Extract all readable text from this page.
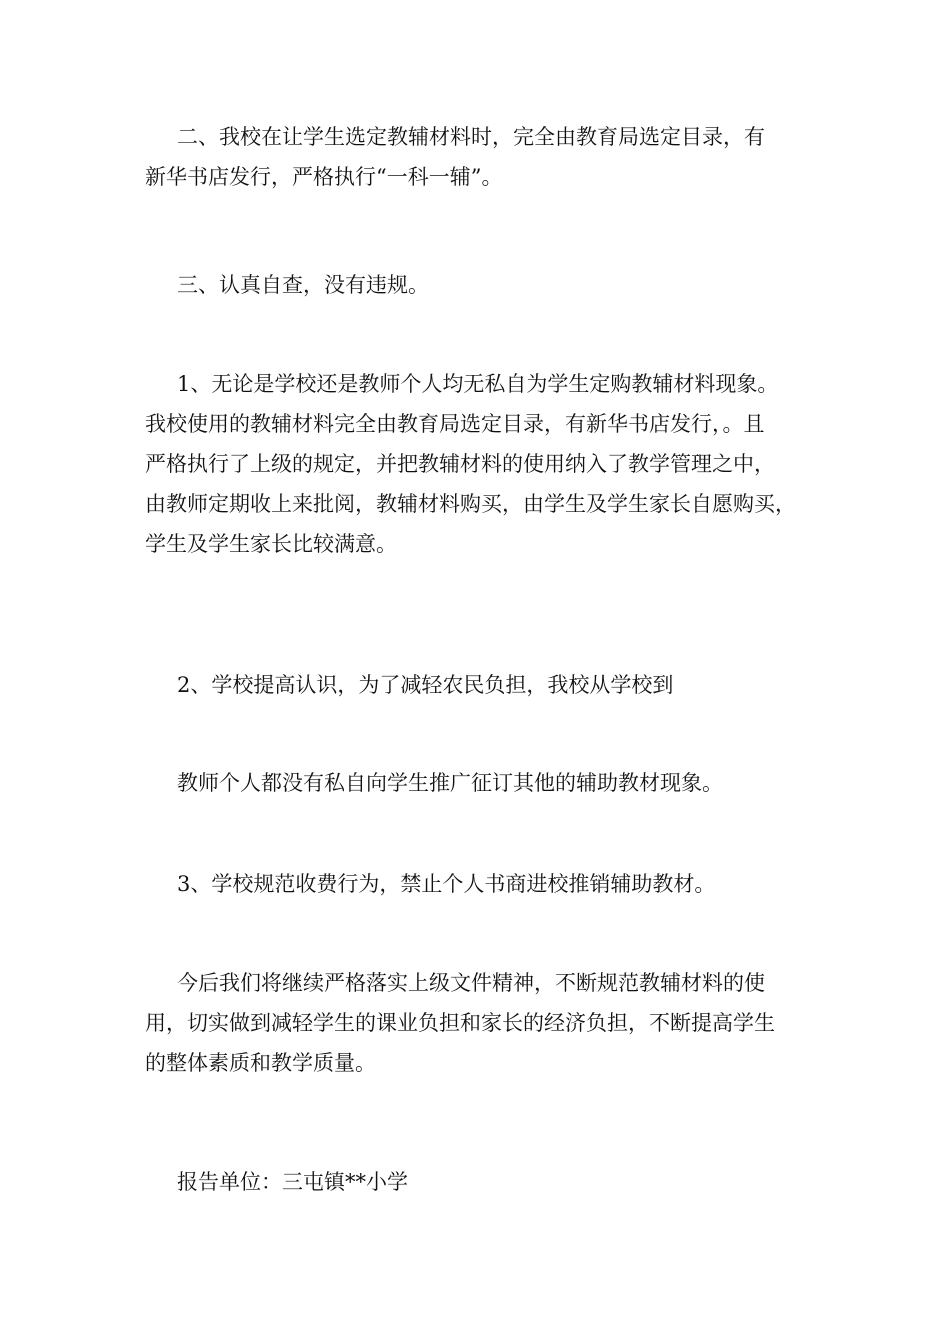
二、我校在让学生选定教辅材料时，完全由教育局选定目录，有
新华书店发行，严格执行“一科一辅”。
三、认真自查，没有违规。
1、无论是学校还是教师个人均无私自为学生定购教辅材料现象。
我校使用的教辅材料完全由教育局选定目录，有新华书店发行，。且
严格执行了上级的规定，并把教辅材料的使用纳入了教学管理之中，
由教师定期收上来批阅，教辅材料购买，由学生及学生家长自愿购买，
学生及学生家长比较满意。
2、学校提高认识，为了减轻农民负担，我校从学校到
教师个人都没有私自向学生推广征订其他的辅助教材现象。
3、学校规范收费行为，禁止个人书商进校推销辅助教材。
今后我们将继续严格落实上级文件精神，不断规范教辅材料的使
用，切实做到减轻学生的课业负担和家长的经济负担，不断提高学生
的整体素质和教学质量。
报告单位：三屯镇**小学
